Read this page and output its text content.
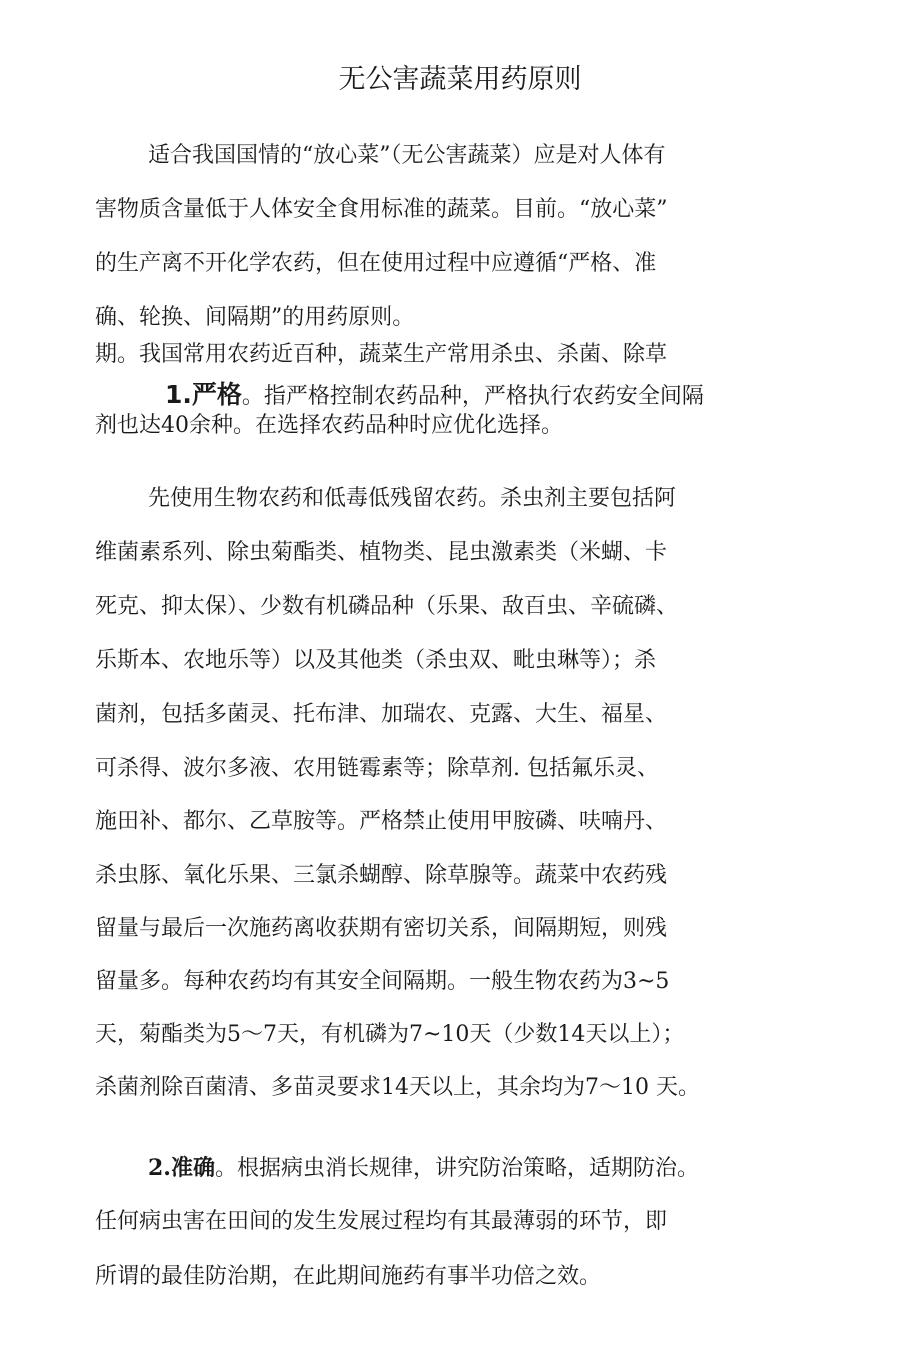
无公害蔬菜用药原则

适合我国国情的“放心菜”（无公害蔬菜）应是对人体有

害物质含量低于人体安全食用标准的蔬菜。目前。“放心菜”

的生产离不开化学农药，但在使用过程中应遵循“严格、准

确、轮换、间隔期”的用药原则。

期。我国常用农药近百种，蔬菜生产常用杀虫、杀菌、除草

1.严格。指严格控制农药品种，严格执行农药安全间隔

剂也达40余种。在选择农药品种时应优化选择。

先使用生物农药和低毒低残留农药。杀虫剂主要包括阿

维菌素系列、除虫菊酯类、植物类、昆虫激素类（米蝴、卡

死克、抑太保）、少数有机磷品种（乐果、敌百虫、辛硫磷、

乐斯本、农地乐等）以及其他类（杀虫双、毗虫琳等）；杀

菌剂，包括多菌灵、托布津、加瑞农、克露、大生、福星、

可杀得、波尔多液、农用链霉素等；除草剂. 包括氟乐灵、

施田补、都尔、乙草胺等。严格禁止使用甲胺磷、呋喃丹、

杀虫豚、氧化乐果、三氯杀蝴醇、除草腺等。蔬菜中农药残

留量与最后一次施药离收获期有密切关系，间隔期短，则残

留量多。每种农药均有其安全间隔期。一般生物农药为3~5

天，菊酯类为5〜7天，有机磷为7~10天（少数14天以上）；

杀菌剂除百菌清、多苗灵要求14天以上，其余均为7〜10 天。

2.准确。根据病虫消长规律，讲究防治策略，适期防治。

任何病虫害在田间的发生发展过程均有其最薄弱的环节，即

所谓的最佳防治期，在此期间施药有事半功倍之效。
